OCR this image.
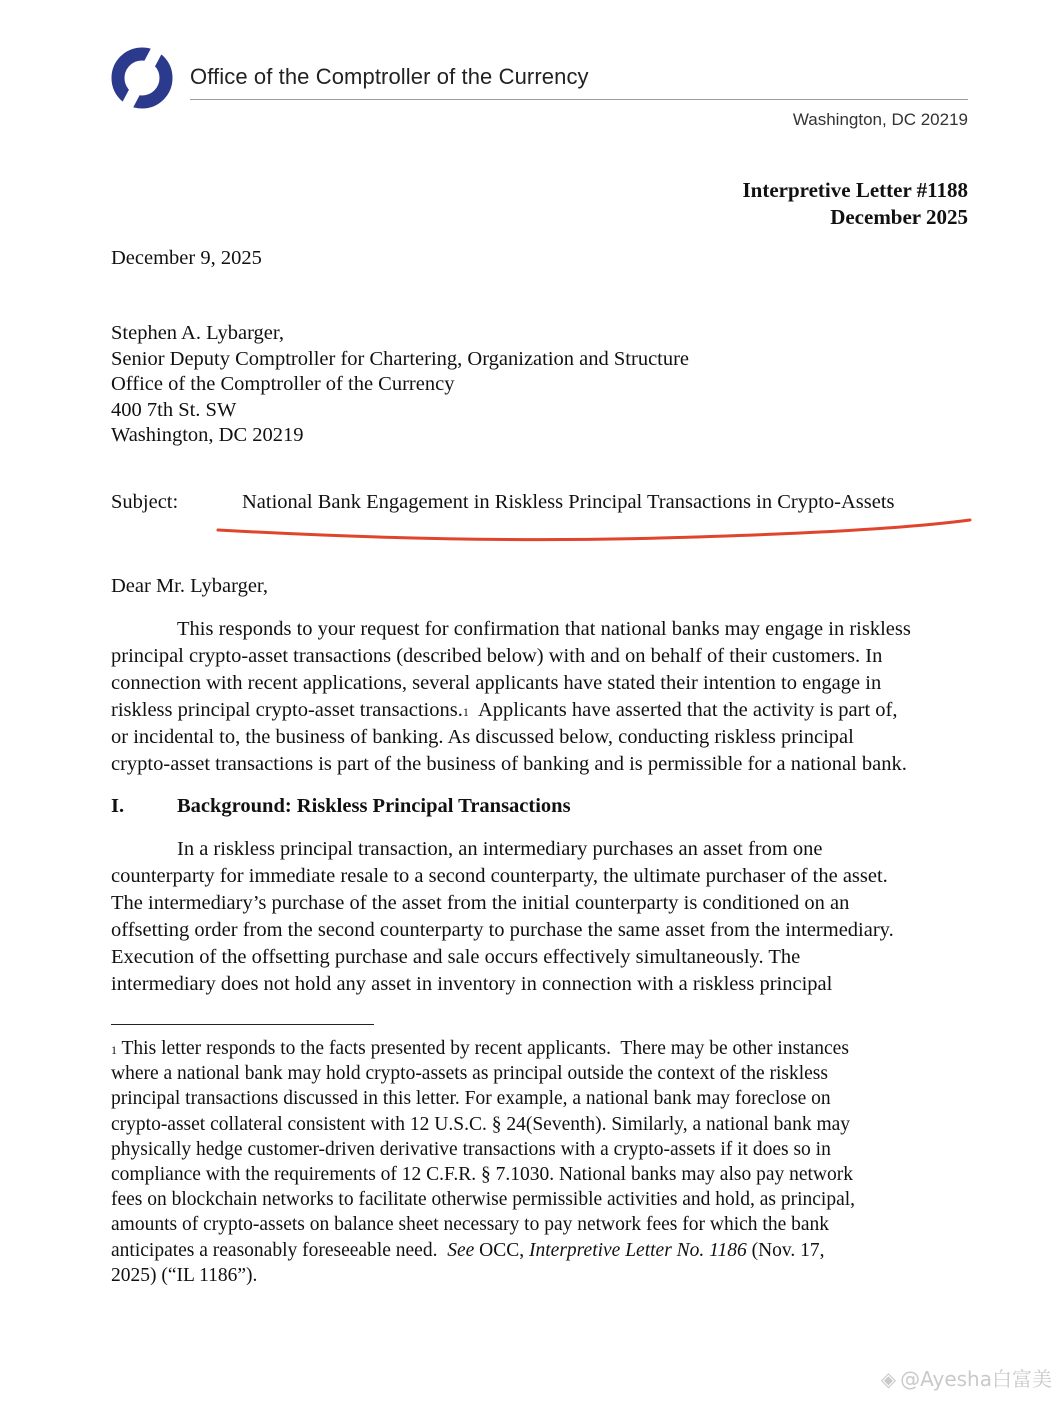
Office of the Comptroller of the Currency
Washington, DC 20219
Interpretive Letter #1188
December 2025
December 9, 2025
Stephen A. Lybarger,
Senior Deputy Comptroller for Chartering, Organization and Structure
Office of the Comptroller of the Currency
400 7th St. SW
Washington, DC 20219
Subject:	National Bank Engagement in Riskless Principal Transactions in Crypto-Assets
Dear Mr. Lybarger,
This responds to your request for confirmation that national banks may engage in riskless
principal crypto-asset transactions (described below) with and on behalf of their customers. In
connection with recent applications, several applicants have stated their intention to engage in
riskless principal crypto-asset transactions.$^1$  Applicants have asserted that the activity is part of,
or incidental to, the business of banking. As discussed below, conducting riskless principal
crypto-asset transactions is part of the business of banking and is permissible for a national bank.
I.	Background: Riskless Principal Transactions
In a riskless principal transaction, an intermediary purchases an asset from one
counterparty for immediate resale to a second counterparty, the ultimate purchaser of the asset.
The intermediary’s purchase of the asset from the initial counterparty is conditioned on an
offsetting order from the second counterparty to purchase the same asset from the intermediary.
Execution of the offsetting purchase and sale occurs effectively simultaneously. The
intermediary does not hold any asset in inventory in connection with a riskless principal
$^1$ This letter responds to the facts presented by recent applicants.  There may be other instances
where a national bank may hold crypto-assets as principal outside the context of the riskless
principal transactions discussed in this letter. For example, a national bank may foreclose on
crypto-asset collateral consistent with 12 U.S.C. § 24(Seventh). Similarly, a national bank may
physically hedge customer-driven derivative transactions with a crypto-assets if it does so in
compliance with the requirements of 12 C.F.R. § 7.1030. National banks may also pay network
fees on blockchain networks to facilitate otherwise permissible activities and hold, as principal,
amounts of crypto-assets on balance sheet necessary to pay network fees for which the bank
anticipates a reasonably foreseeable need.  See OCC, Interpretive Letter No. 1186 (Nov. 17,
2025) (“IL 1186”).
◈ @Ayesha白富美
